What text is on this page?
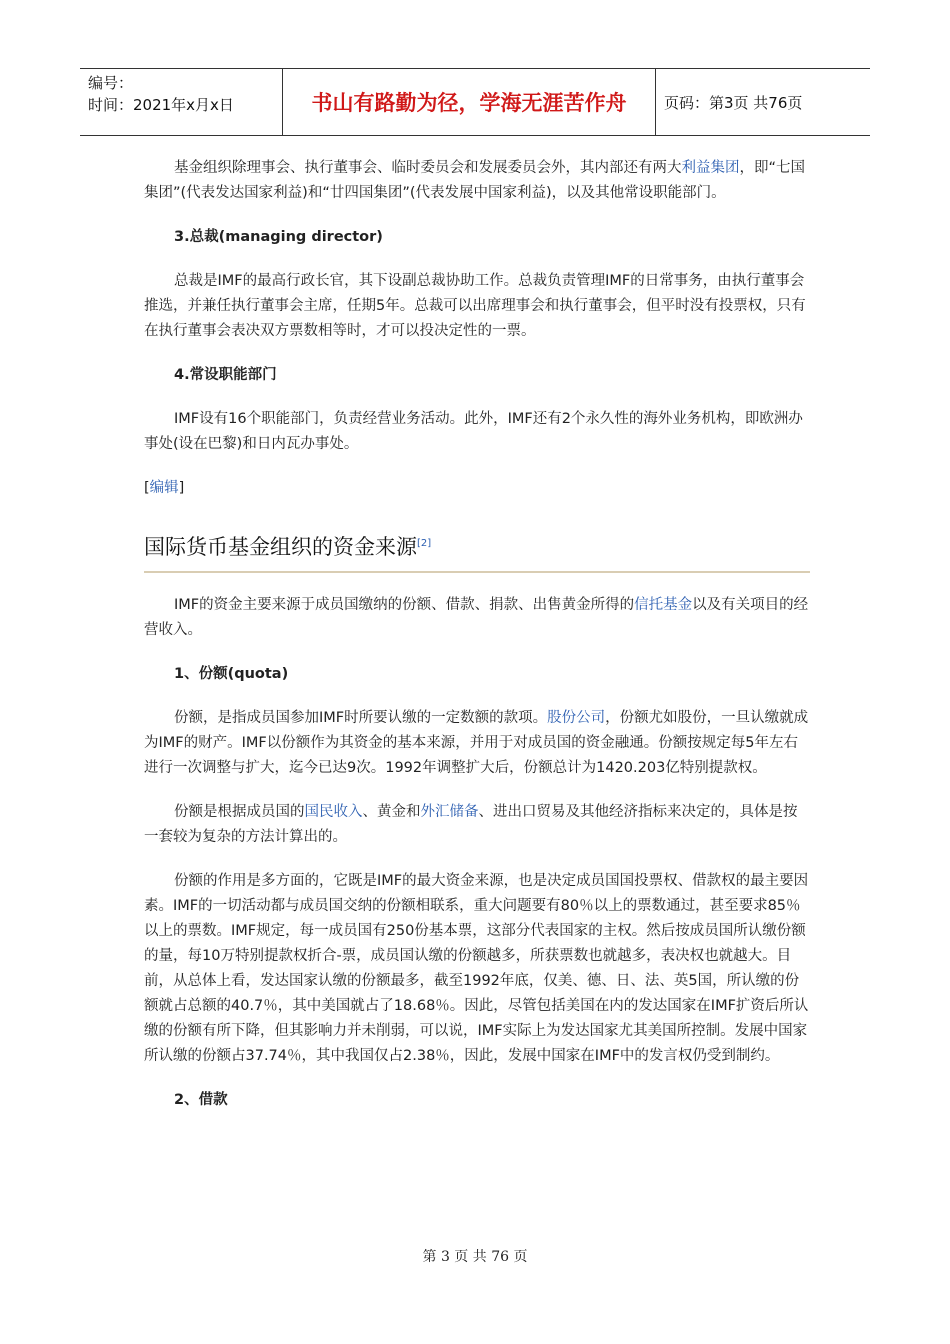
编号：
时间：2021年x月x日	书山有路勤为径，学海无涯苦作舟	页码：第3页 共76页

基金组织除理事会、执行董事会、临时委员会和发展委员会外，其内部还有两大利益集团，即“七国集团”(代表发达国家利益)和“廿四国集团”(代表发展中国家利益)，以及其他常设职能部门。

3.总裁(managing director)

总裁是IMF的最高行政长官，其下设副总裁协助工作。总裁负责管理IMF的日常事务，由执行董事会推选，并兼任执行董事会主席，任期5年。总裁可以出席理事会和执行董事会，但平时没有投票权，只有在执行董事会表决双方票数相等时，才可以投决定性的一票。

4.常设职能部门

IMF设有16个职能部门，负责经营业务活动。此外，IMF还有2个永久性的海外业务机构，即欧洲办事处(设在巴黎)和日内瓦办事处。

[编辑]

国际货币基金组织的资金来源[2]

IMF的资金主要来源于成员国缴纳的份额、借款、捐款、出售黄金所得的信托基金以及有关项目的经营收入。

1、份额(quota)

份额，是指成员国参加IMF时所要认缴的一定数额的款项。股份公司，份额尤如股份，一旦认缴就成为IMF的财产。IMF以份额作为其资金的基本来源，并用于对成员国的资金融通。份额按规定每5年左右进行一次调整与扩大，迄今已达9次。1992年调整扩大后，份额总计为1420.203亿特别提款权。

份额是根据成员国的国民收入、黄金和外汇储备、进出口贸易及其他经济指标来决定的，具体是按一套较为复杂的方法计算出的。

份额的作用是多方面的，它既是IMF的最大资金来源，也是决定成员国国投票权、借款权的最主要因素。IMF的一切活动都与成员国交纳的份额相联系，重大问题要有80％以上的票数通过，甚至要求85％以上的票数。IMF规定，每一成员国有250份基本票，这部分代表国家的主权。然后按成员国所认缴份额的量，每10万特别提款权折合-票，成员国认缴的份额越多，所获票数也就越多，表决权也就越大。目前，从总体上看，发达国家认缴的份额最多，截至1992年底，仅美、德、日、法、英5国，所认缴的份额就占总额的40.7％，其中美国就占了18.68％。因此，尽管包括美国在内的发达国家在IMF扩资后所认缴的份额有所下降，但其影响力并未削弱，可以说，IMF实际上为发达国家尤其美国所控制。发展中国家所认缴的份额占37.74％，其中我国仅占2.38％，因此，发展中国家在IMF中的发言权仍受到制约。

2、借款

第 3 页 共 76 页
